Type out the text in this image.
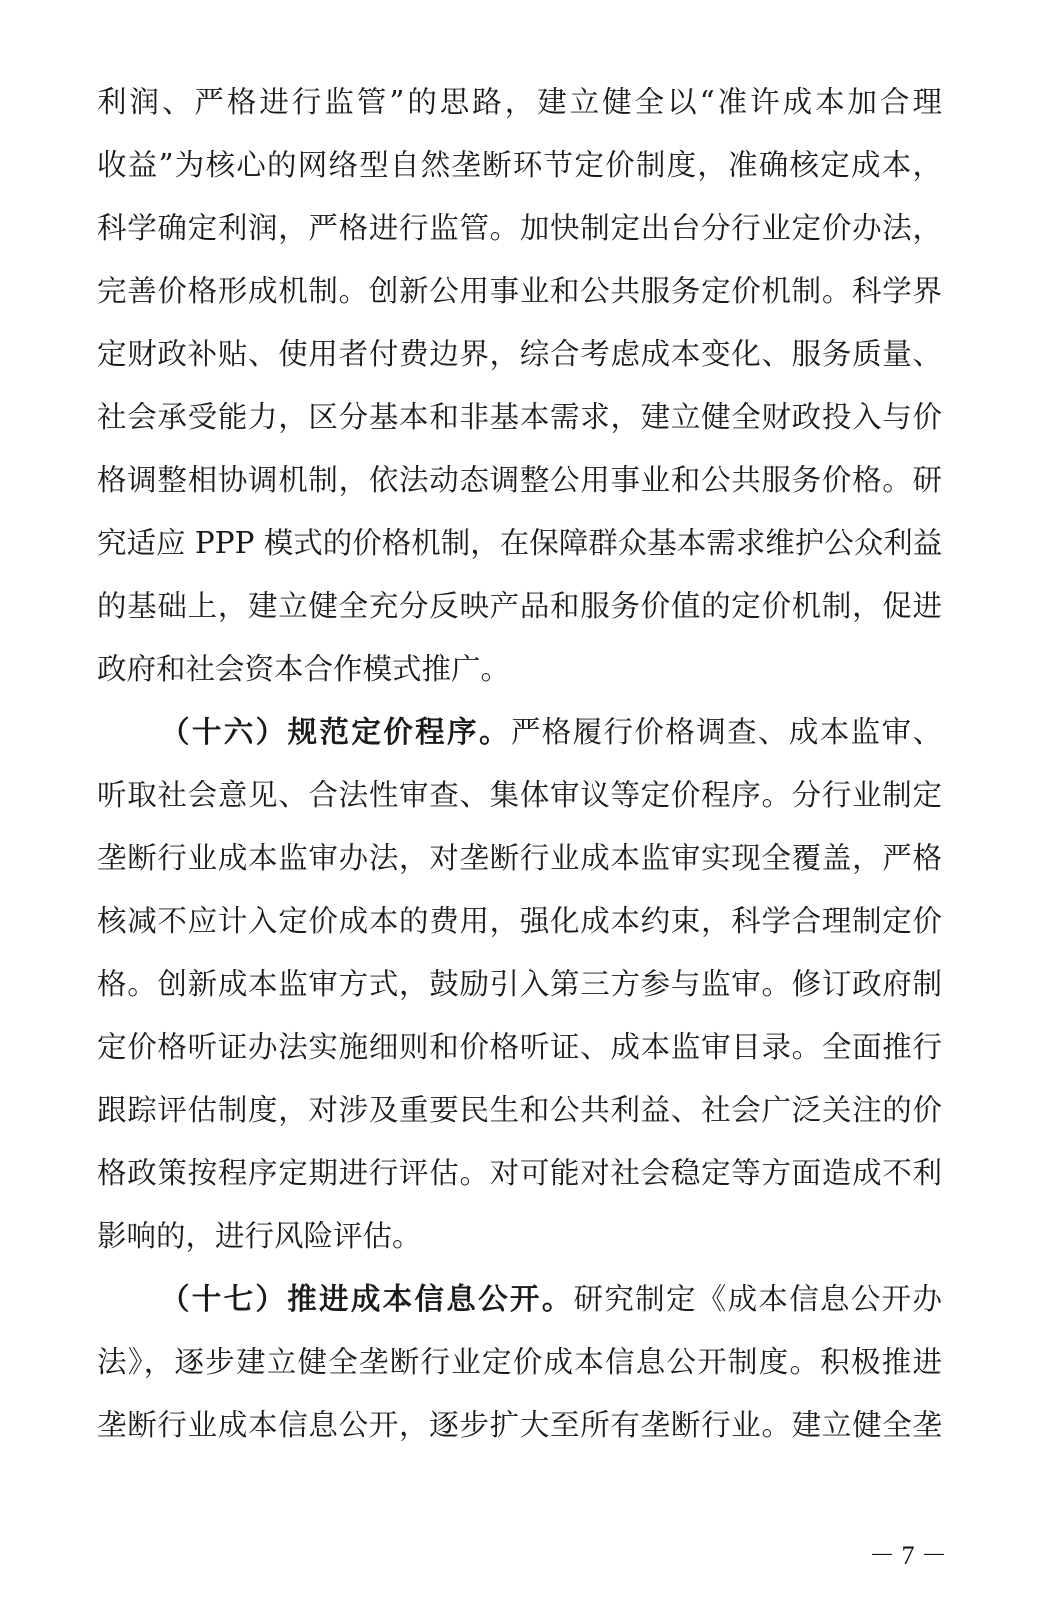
利润、严格进行监管”的思路，建立健全以“准许成本加合理
收益”为核心的网络型自然垄断环节定价制度，准确核定成本，
科学确定利润，严格进行监管。加快制定出台分行业定价办法，
完善价格形成机制。创新公用事业和公共服务定价机制。科学界
定财政补贴、使用者付费边界，综合考虑成本变化、服务质量、
社会承受能力，区分基本和非基本需求，建立健全财政投入与价
格调整相协调机制，依法动态调整公用事业和公共服务价格。研
究适应 PPP 模式的价格机制，在保障群众基本需求维护公众利益
的基础上，建立健全充分反映产品和服务价值的定价机制，促进
政府和社会资本合作模式推广。
（十六）规范定价程序。严格履行价格调查、成本监审、
听取社会意见、合法性审查、集体审议等定价程序。分行业制定
垄断行业成本监审办法，对垄断行业成本监审实现全覆盖，严格
核减不应计入定价成本的费用，强化成本约束，科学合理制定价
格。创新成本监审方式，鼓励引入第三方参与监审。修订政府制
定价格听证办法实施细则和价格听证、成本监审目录。全面推行
跟踪评估制度，对涉及重要民生和公共利益、社会广泛关注的价
格政策按程序定期进行评估。对可能对社会稳定等方面造成不利
影响的，进行风险评估。
（十七）推进成本信息公开。研究制定《成本信息公开办
法》，逐步建立健全垄断行业定价成本信息公开制度。积极推进
垄断行业成本信息公开，逐步扩大至所有垄断行业。建立健全垄
－ 7 －
